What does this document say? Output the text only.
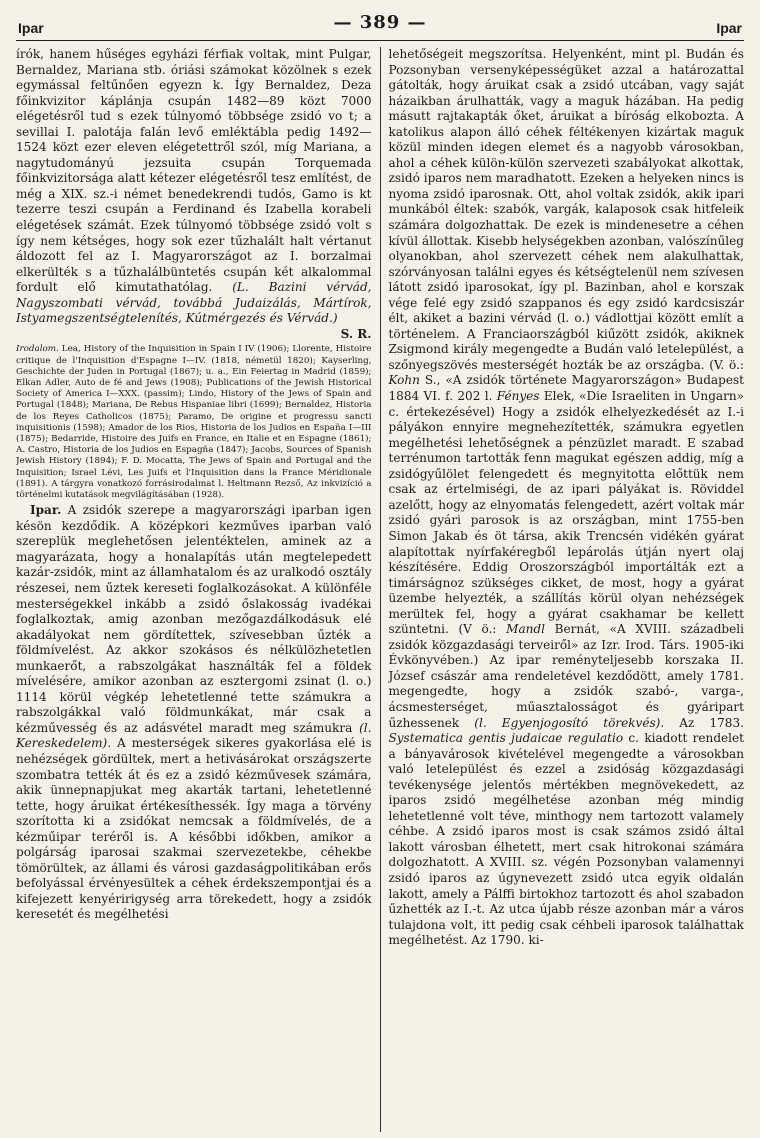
Ipar	— 389 —	Ipar

írók, hanem hűséges egyházi férfiak voltak, mint Pulgar, Bernaldez, Mariana stb. óriási számokat közölnek s ezek egymással feltűnően egyezn k. Így Bernaldez, Deza főinkvizitor káplánja csupán 1482—89 közt 7000 elégetésről tud s ezek túlnyomó többsége zsidó vo t; a sevillai I. palotája falán levő emléktábla pedig 1492—1524 közt ezer eleven elégetettről szól, míg Mariana, a nagytudományú jezsuita csupán Torquemada főinkvizitorsága alatt kétezer elégetésről tesz említést, de még a XIX. sz.-i német benedekrendi tudós, Gamo is kt tezerre teszi csupán a Ferdinand és Izabella korabeli elégetések számát. Ezek túlnyomó többsége zsidó volt s így nem kétséges, hogy sok ezer tűzhalált halt vértanut áldozott fel az I. Magyarországot az I. borzalmai elkerülték s a tűzhalálbüntetés csupán két alkalommal fordult elő kimutathatólag. (L. Bazini vérvád, Nagyszombati vérvád, továbbá Judaizálás, Mártírok, Istyamegszentségtelenítés, Kútmérgezés és Vérvád.)

S. R.

Irodalom. Lea, History of the Inquisition in Spain I IV (1906); Llorente, Histoire critique de l'Inquisition d'Espagne I—IV. (1818, németül 1820); Kayserling, Geschichte der Juden in Portugal (1867); u. a., Ein Feiertag in Madrid (1859); Elkan Adler, Auto de fé and Jews (1908); Publications of the Jewish Historical Society of America I—XXX. (passim); Lindo, History of the Jews of Spain and Portugal (1848); Mariana, De Rebus Hispaniae libri (1699); Bernaldez, Historia de los Reyes Catholicos (1875); Paramo, De origine et progressu sancti inquisitionis (1598); Amador de los Rios, Historia de los Judios en España I—III (1875); Bedarride, Histoire des Juifs en France, en Italie et en Espagne (1861); A. Castro, Historia de los Judios en Espagña (1847); Jacobs, Sources of Spanish Jewish History (1894); F. D. Mocatta, The Jews of Spain and Portugal and the Inquisition; Israel Lévi, Les Juifs et l'Inquisition dans la France Méridionale (1891). A tárgyra vonatkozó forrásirodalmat l. Heltmann Rezső, Az inkvizíció a történelmi kutatások megvilágításában (1928).

Ipar. A zsidók szerepe a magyarországi iparban igen késön kezdődik. A középkori kezműves iparban való szereplük meglehetősen jelentéktelen, aminek az a magyarázata, hogy a honalapítás után megtelepedett kazár-zsidók, mint az államhatalom és az uralkodó osztály részesei, nem űztek kereseti foglalkozásokat. A különféle mesterségekkel inkább a zsidó őslakosság ivadékai foglalkoztak, amig azonban mezőgazdálkodásuk elé akadályokat nem gördítettek, szívesebban űzték a földmívelést. Az akkor szokásos és nélkülözhetetlen munkaerőt, a rabszolgákat használták fel a földek mívelésére, amikor azonban az esztergomi zsinat (l. o.) 1114 körül végkép lehetetlenné tette számukra a rabszolgákkal való földmunkákat, már csak a kézművesség és az adásvétel maradt meg számukra (l. Kereskedelem). A mesterségek sikeres gyakorlása elé is nehézségek gördültek, mert a hetivásárokat országszerte szombatra tették át és ez a zsidó kézművesek számára, akik ünnepnapjukat meg akarták tartani, lehetetlenné tette, hogy áruikat értékesíthessék. Így maga a törvény szorította ki a zsidókat nemcsak a földmívelés, de a kézműipar teréről is. A későbbi időkben, amikor a polgárság iparosai szakmai szervezetekbe, céhekbe tömörültek, az állami és városi gazdaságpolitikában erős befolyással érvényesültek a céhek érdekszempontjai és a kifejezett kenyéririgység arra törekedett, hogy a zsidók keresetét és megélhetési

lehetőségeit megszorítsa. Helyenként, mint pl. Budán és Pozsonyban versenyképességüket azzal a határozattal gátolták, hogy áruikat csak a zsidó utcában, vagy saját házaikban árulhatták, vagy a maguk házában. Ha pedig másutt rajtakapták őket, áruikat a bíróság elkobozta. A katolikus alapon álló céhek féltékenyen kizártak maguk közül minden idegen elemet és a nagyobb városokban, ahol a céhek külön-külön szervezeti szabályokat alkottak, zsidó iparos nem maradhatott. Ezeken a helyeken nincs is nyoma zsidó iparosnak. Ott, ahol voltak zsidók, akik ipari munkából éltek: szabók, vargák, kalaposok csak hitfeleik számára dolgozhattak. De ezek is mindenesetre a céhen kívül állottak. Kisebb helységekben azonban, valószínűleg olyanokban, ahol szervezett céhek nem alakulhattak, szórványosan találni egyes és kétségtelenül nem szívesen látott zsidó iparosokat, így pl. Bazinban, ahol e korszak vége felé egy zsidó szappanos és egy zsidó kardcsiszár élt, akiket a bazini vérvád (l. o.) vádlottjai között említ a történelem. A Franciaországból kiűzött zsidók, akiknek Zsigmond király megengedte a Budán való letelepülést, a szőnyegszövés mesterségét hozták be az országba. (V. ö.: Kohn S., «A zsidók története Magyarországon» Budapest 1884 VI. f. 202 l. Fényes Elek, «Die Israeliten in Ungarn» c. értekezésével) Hogy a zsidók elhelyezkedését az I.-i pályákon ennyire megnehezítették, számukra egyetlen megélhetési lehetőségnek a pénzüzlet maradt. E szabad terrénumon tartották fenn magukat egészen addig, míg a zsidógyűlölet felengedett és megnyitotta előttük nem csak az értelmiségi, de az ipari pályákat is. Röviddel azelőtt, hogy az elnyomatás felengedett, azért voltak már zsidó gyári parosok is az országban, mint 1755-ben Simon Jakab és öt társa, akik Trencsén vidékén gyárat alapítottak nyírfakéregből lepárolás útján nyert olaj készítésére. Eddig Oroszországból importálták ezt a timárságnoz szükséges cikket, de most, hogy a gyárat üzembe helyezték, a szállítás körül olyan nehézségek merültek fel, hogy a gyárat csakhamar be kellett szüntetni. (V ö.: Mandl Bernát, «A XVIII. századbeli zsidók közgazdasági terveiről» az Izr. Irod. Társ. 1905-iki Évkönyvében.) Az ipar reményteljesebb korszaka II. József császár ama rendeletével kezdődött, amely 1781. megengedte, hogy a zsidók szabó-, varga-, ácsmesterséget, műasztalosságot és gyáripart űzhessenek (l. Egyenjogosító törekvés). Az 1783. Systematica gentis judaicae regulatio c. kiadott rendelet a bányavárosok kivételével megengedte a városokban való letelepülést és ezzel a zsidóság közgazdasági tevékenysége jelentős mértékben megnövekedett, az iparos zsidó megélhetése azonban még mindig lehetetlenné volt téve, minthogy nem tartozott valamely céhbe. A zsidó iparos most is csak számos zsidó által lakott városban élhetett, mert csak hitrokonai számára dolgozhatott. A XVIII. sz. végén Pozsonyban valamennyi zsidó iparos az úgynevezett zsidó utca egyik oldalán lakott, amely a Pálffi birtokhoz tartozott és ahol szabadon űzhették az I.-t. Az utca újabb része azonban már a város tulajdona volt, itt pedig csak céhbeli iparosok találhattak megélhetést. Az 1790. ki-
